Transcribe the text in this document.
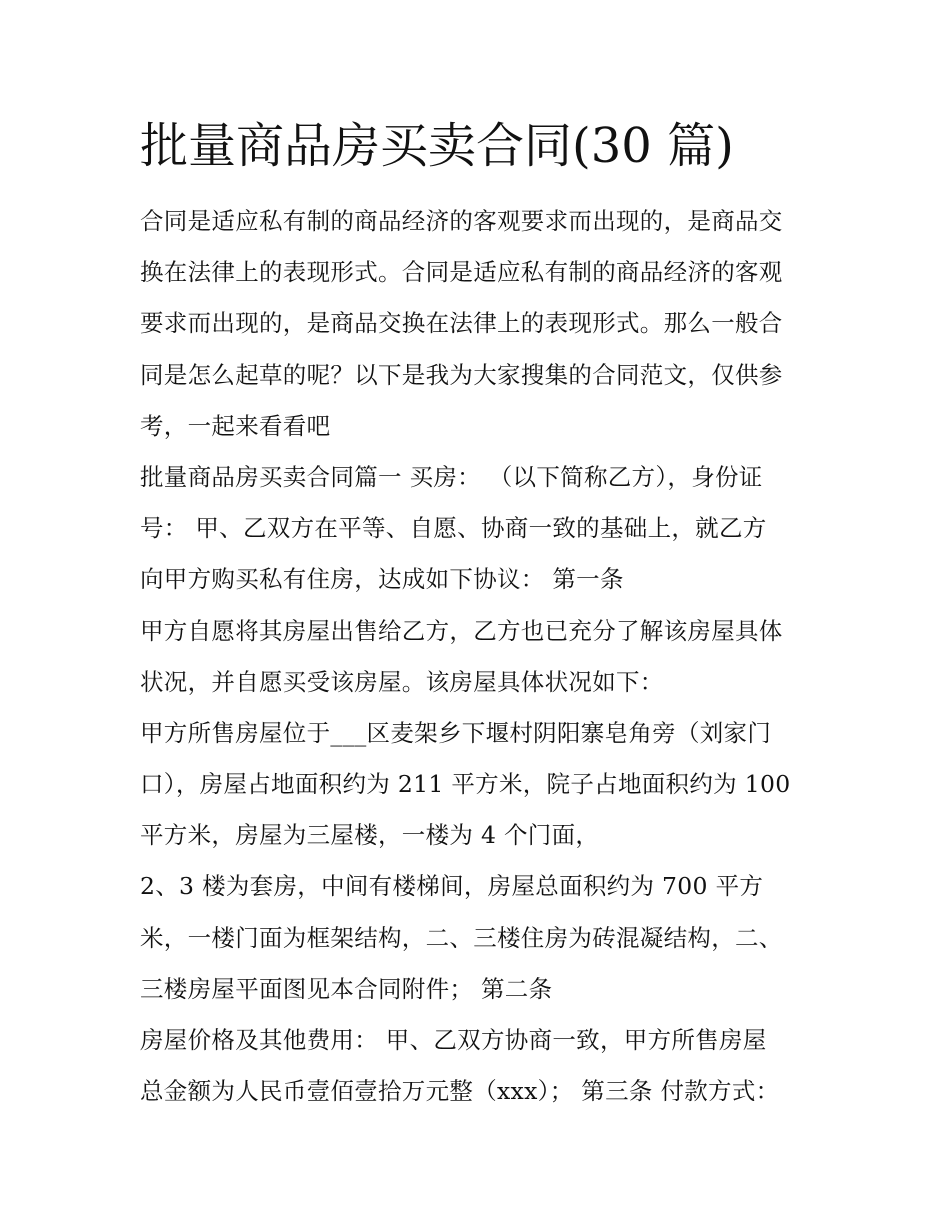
批量商品房买卖合同(30 篇)
合同是适应私有制的商品经济的客观要求而出现的，是商品交
换在法律上的表现形式。合同是适应私有制的商品经济的客观
要求而出现的，是商品交换在法律上的表现形式。那么一般合
同是怎么起草的呢？以下是我为大家搜集的合同范文，仅供参
考，一起来看看吧
批量商品房买卖合同篇一 买房： （以下简称乙方），身份证
号： 甲、乙双方在平等、自愿、协商一致的基础上，就乙方
向甲方购买私有住房，达成如下协议： 第一条
甲方自愿将其房屋出售给乙方，乙方也已充分了解该房屋具体
状况，并自愿买受该房屋。该房屋具体状况如下：
甲方所售房屋位于___区麦架乡下堰村阴阳寨皂角旁（刘家门
口），房屋占地面积约为 211 平方米，院子占地面积约为 100
平方米，房屋为三屋楼，一楼为 4 个门面，
2、3 楼为套房，中间有楼梯间，房屋总面积约为 700 平方
米，一楼门面为框架结构，二、三楼住房为砖混凝结构，二、
三楼房屋平面图见本合同附件； 第二条
房屋价格及其他费用： 甲、乙双方协商一致，甲方所售房屋
总金额为人民币壹佰壹拾万元整（xxx）； 第三条 付款方式：
